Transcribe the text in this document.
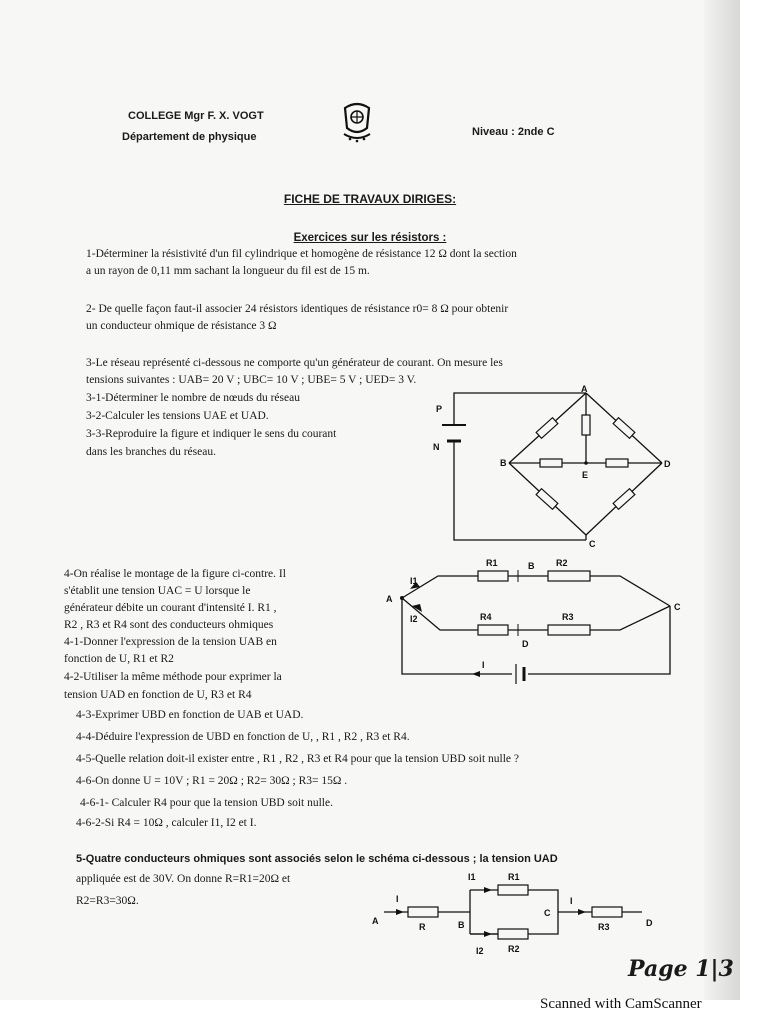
COLLEGE Mgr F. X. VOGT
Département de physique	Niveau : 2nde C
FICHE DE TRAVAUX DIRIGES:
Exercices sur les résistors :
1-Déterminer la résistivité d'un fil cylindrique et homogène de résistance 12 Ω dont la section
a un rayon de 0,11 mm sachant la longueur du fil est de 15 m.
2- De quelle façon faut-il associer 24 résistors identiques de résistance r0= 8 Ω pour obtenir
un conducteur ohmique de résistance 3 Ω
3-Le réseau représenté ci-dessous ne comporte qu'un générateur de courant. On mesure les
tensions suivantes : UAB= 20 V ; UBC= 10 V ; UBE= 5 V ; UED= 3 V.
3-1-Déterminer le nombre de nœuds du réseau
3-2-Calculer les tensions UAE et UAD.
3-3-Reproduire la figure et indiquer le sens du courant
dans les branches du réseau.
A
B
C
D
E
P
N
4-On réalise le montage de la figure ci-contre. Il
s'établit une tension UAC = U lorsque le
générateur débite un courant d'intensité I. R1 ,
R2 , R3 et R4 sont des conducteurs ohmiques
4-1-Donner l'expression de la tension UAB en
fonction de U, R1 et R2
4-2-Utiliser la même méthode pour exprimer la
tension UAD en fonction de U, R3 et R4
4-3-Exprimer UBD en fonction de UAB et UAD.
4-4-Déduire l'expression de UBD en fonction de U, , R1 , R2 , R3 et R4.
4-5-Quelle relation doit-il exister entre , R1 , R2 , R3 et R4 pour que la tension UBD soit nulle ?
4-6-On donne U = 10V ; R1 = 20Ω ; R2= 30Ω ; R3= 15Ω .
4-6-1- Calculer R4 pour que la tension UBD soit nulle.
4-6-2-Si R4 = 10Ω , calculer I1, I2 et I.
A
B
C
D
I1
I2
I
R1	R2
R3
R4
5-Quatre conducteurs ohmiques sont associés selon le schéma ci-dessous ; la tension UAD
appliquée est de 30V. On donne R=R1=20Ω et
R2=R3=30Ω.
A	B
C
D
I
I1
I2
I
R
R1
R2
R3
Page 1|3
Scanned with CamScanner
